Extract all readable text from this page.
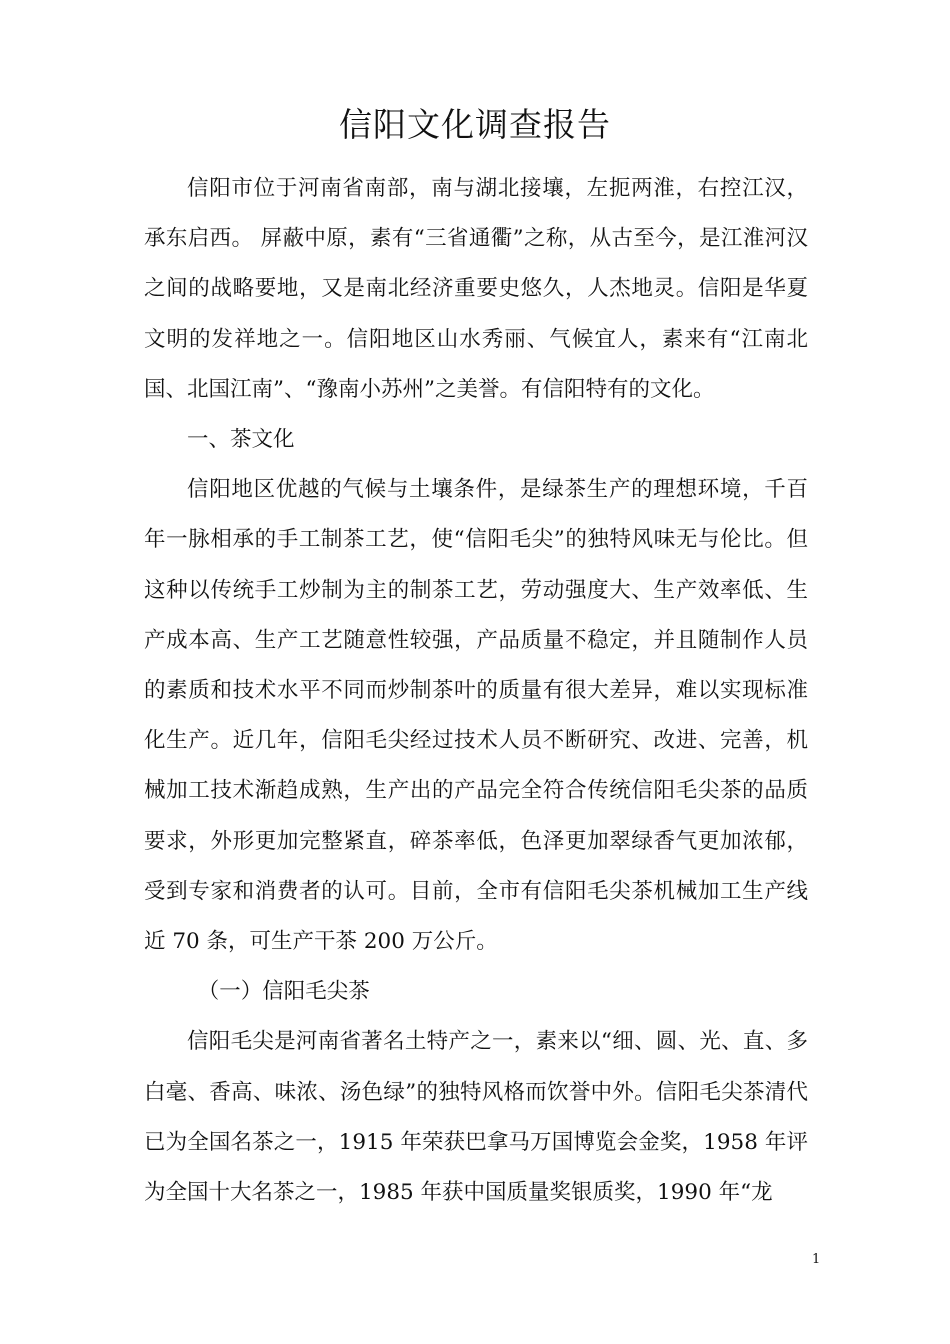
信阳文化调查报告

信阳市位于河南省南部，南与湖北接壤，左扼两淮，右控江汉，承东启西。 屏蔽中原，素有“三省通衢”之称，从古至今，是江淮河汉之间的战略要地，又是南北经济重要史悠久，人杰地灵。信阳是华夏文明的发祥地之一。信阳地区山水秀丽、气候宜人，素来有“江南北国、北国江南”、“豫南小苏州”之美誉。有信阳特有的文化。

一、茶文化

信阳地区优越的气候与土壤条件，是绿茶生产的理想环境，千百年一脉相承的手工制茶工艺，使“信阳毛尖”的独特风味无与伦比。但这种以传统手工炒制为主的制茶工艺，劳动强度大、生产效率低、生产成本高、生产工艺随意性较强，产品质量不稳定，并且随制作人员的素质和技术水平不同而炒制茶叶的质量有很大差异，难以实现标准化生产。近几年，信阳毛尖经过技术人员不断研究、改进、完善，机械加工技术渐趋成熟，生产出的产品完全符合传统信阳毛尖茶的品质要求，外形更加完整紧直，碎茶率低，色泽更加翠绿香气更加浓郁，受到专家和消费者的认可。目前，全市有信阳毛尖茶机械加工生产线近 70 条，可生产干茶 200 万公斤。

（一）信阳毛尖茶

信阳毛尖是河南省著名土特产之一，素来以“细、圆、光、直、多白毫、香高、味浓、汤色绿”的独特风格而饮誉中外。信阳毛尖茶清代已为全国名茶之一，1915 年荣获巴拿马万国博览会金奖，1958 年评为全国十大名茶之一，1985 年获中国质量奖银质奖，1990 年“龙

1
